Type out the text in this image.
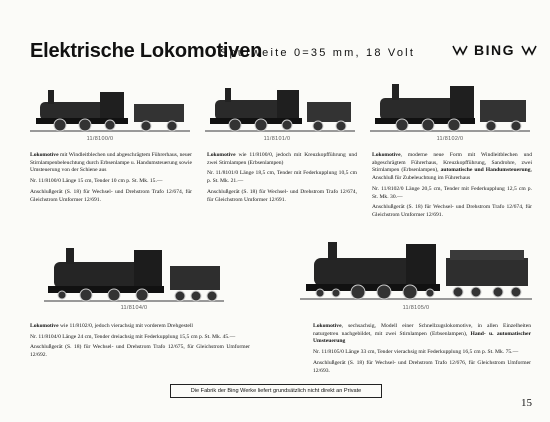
Elektrische Lokomotiven
Spurweite 0=35 mm, 18 Volt	BING
11/8100/0	11/8101/0	11/8102/0

Lokomotive mit Windleitblechen und abgeschrägtem Führerhaus, neuer Stirnlampenbeleuchtung durch Erbsenlampe u. Handumsteuerung sowie Umsteuerung von der Schiene aus

Nr. 11/8100/0 Länge 15 cm, Tender 10 cm p. St. Mk. 15.—

Anschlußgerät (S. 18) für Wechsel- und Drehstrom Trafo 12/674, für Gleichstrom Umformer 12/691.

Lokomotive wie 11/8100/0, jedoch mit Kreuzkopfführung und zwei Stirnlampen (Erbsenlampen)

Nr. 11/8101/0 Länge 18,5 cm, Tender mit Federkupplung 10,5 cm p. St. Mk. 21.—

Anschlußgerät (S. 18) für Wechsel- und Drehstrom Trafo 12/674, für Gleichstrom Umformer 12/691.

Lokomotive, moderne neue Form mit Windleitblechen und abgeschrägtem Führerhaus, Kreuzkopfführung, Sandrohre, zwei Stirnlampen (Erbsenlampen), automatische und Handumsteuerung, Anschluß für Zubeleuchtung im Führerhaus

Nr. 11/8102/0 Länge 20,5 cm, Tender mit Federkupplung 12,5 cm p. St. Mk. 30.—

Anschlußgerät (S. 18) für Wechsel- und Drehstrom Trafo 12/674, für Gleichstrom Umformer 12/691.

11/8104/0	11/8105/0

Lokomotive wie 11/8102/0, jedoch vierachsig mit vorderem Drehgestell

Nr. 11/8104/0 Länge 24 cm, Tender dreiachsig mit Federkupplung 15,5 cm p. St. Mk. 45.—

Anschlußgerät (S. 18) für Wechsel- und Drehstrom Trafo 12/675, für Gleichstrom Umformer 12/692.

Lokomotive, sechsachsig, Modell einer Schnellzugslokomotive, in allen Einzelheiten naturgetreu nachgebildet, mit zwei Stirnlampen (Erbsenlampen), Hand- u. automatischer Umsteuerung

Nr. 11/8105/0 Länge 33 cm, Tender vierachsig mit Federkupplung 16,5 cm p. St. Mk. 75.—

Anschlußgerät (S. 18) für Wechsel- und Drehstrom Trafo 12/676, für Gleichstrom Umformer 12/693.

Die Fabrik der Bing Werke liefert grundsätzlich nicht direkt an Private
15
